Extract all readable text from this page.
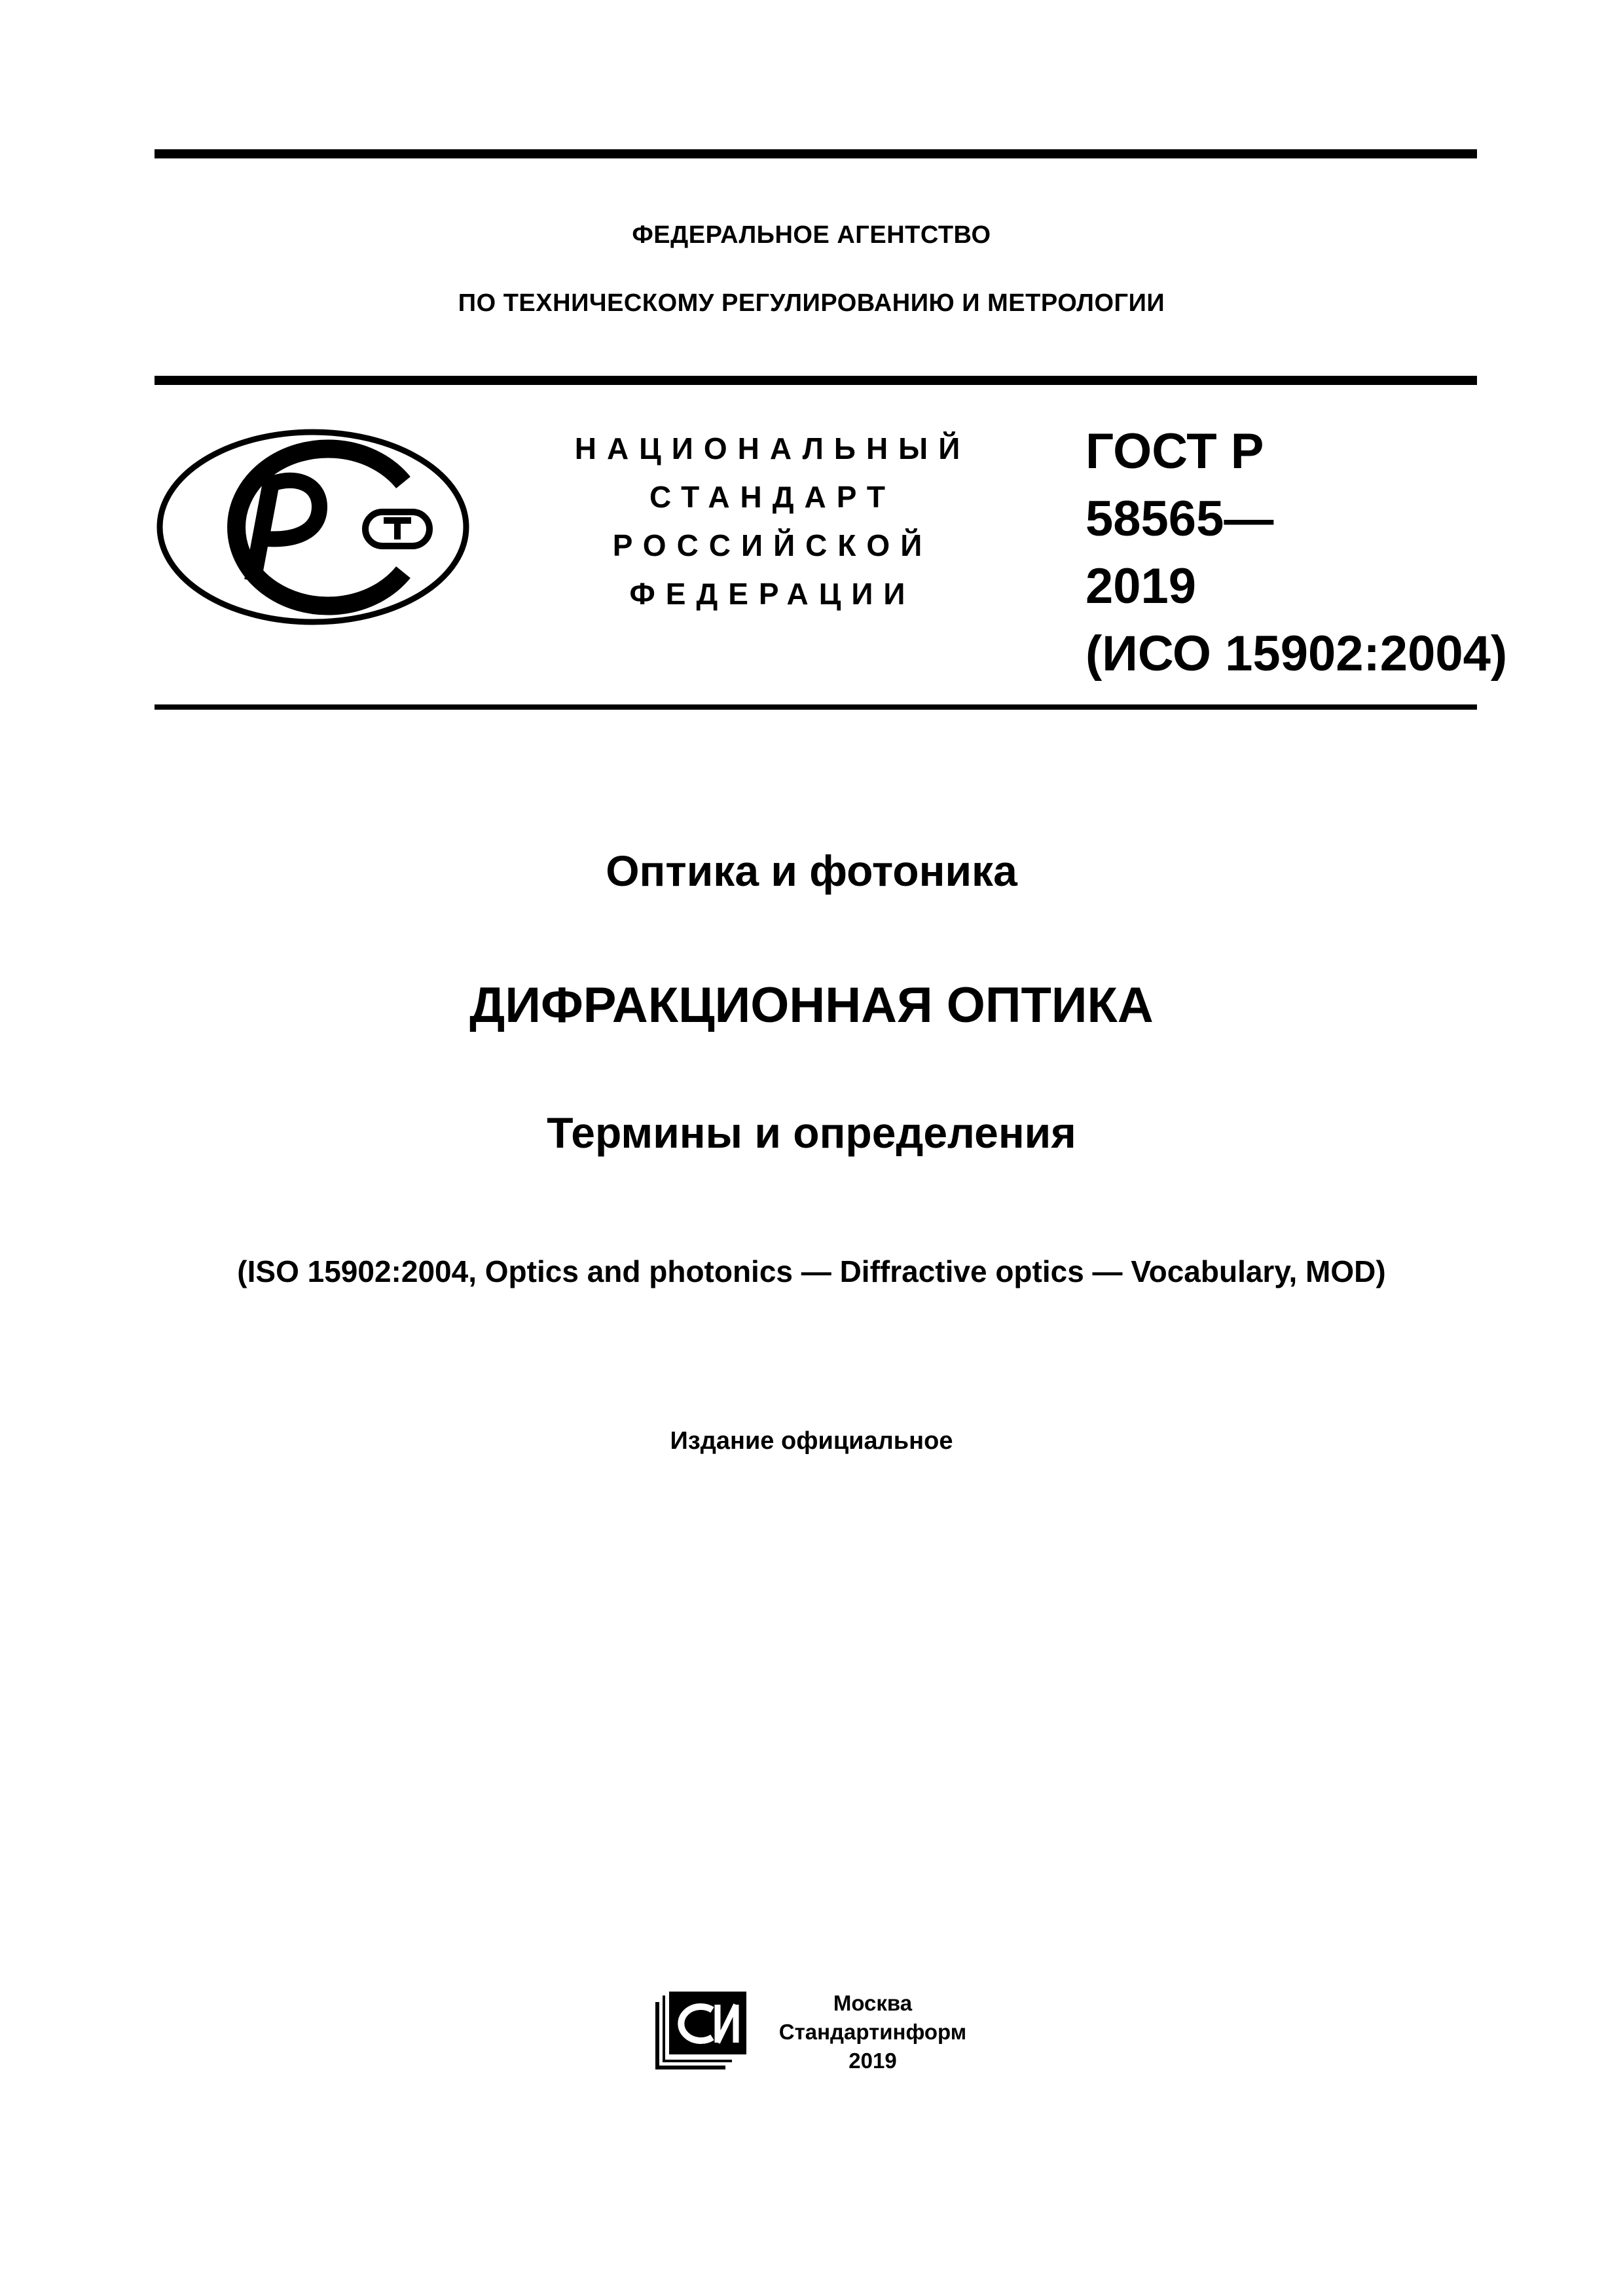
ФЕДЕРАЛЬНОЕ АГЕНТСТВО
ПО ТЕХНИЧЕСКОМУ РЕГУЛИРОВАНИЮ И МЕТРОЛОГИИ
НАЦИОНАЛЬНЫЙ
СТАНДАРТ
РОССИЙСКОЙ
ФЕДЕРАЦИИ
ГОСТ Р
58565—
2019
(ИСО 15902:2004)
Оптика и фотоника
ДИФРАКЦИОННАЯ ОПТИКА
Термины и определения
(ISO 15902:2004, Optics and photonics — Diffractive optics — Vocabulary, MOD)
Издание официальное
Москва
Стандартинформ
2019
